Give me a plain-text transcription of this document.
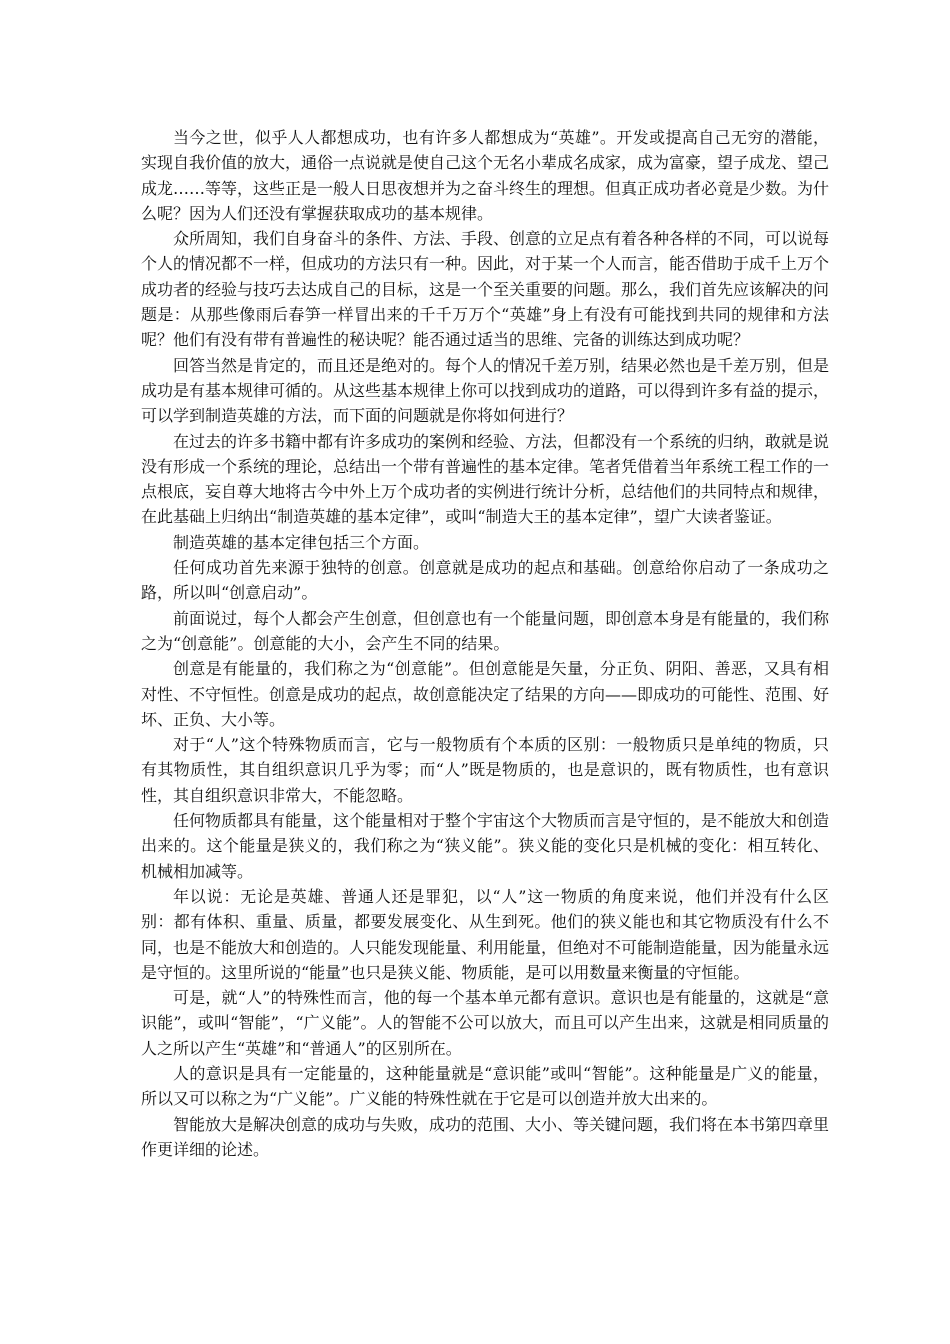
当今之世，似乎人人都想成功，也有许多人都想成为“英雄”。开发或提高自己无穷的潜能，实现自我价值的放大，通俗一点说就是使自己这个无名小辈成名成家，成为富豪，望子成龙、望己成龙……等等，这些正是一般人日思夜想并为之奋斗终生的理想。但真正成功者必竟是少数。为什么呢？因为人们还没有掌握获取成功的基本规律。

众所周知，我们自身奋斗的条件、方法、手段、创意的立足点有着各种各样的不同，可以说每个人的情况都不一样，但成功的方法只有一种。因此，对于某一个人而言，能否借助于成千上万个成功者的经验与技巧去达成自己的目标，这是一个至关重要的问题。那么，我们首先应该解决的问题是：从那些像雨后春笋一样冒出来的千千万万个“英雄”身上有没有可能找到共同的规律和方法呢？他们有没有带有普遍性的秘诀呢？能否通过适当的思维、完备的训练达到成功呢？

回答当然是肯定的，而且还是绝对的。每个人的情况千差万别，结果必然也是千差万别，但是成功是有基本规律可循的。从这些基本规律上你可以找到成功的道路，可以得到许多有益的提示，可以学到制造英雄的方法，而下面的问题就是你将如何进行？

在过去的许多书籍中都有许多成功的案例和经验、方法，但都没有一个系统的归纳，敢就是说没有形成一个系统的理论，总结出一个带有普遍性的基本定律。笔者凭借着当年系统工程工作的一点根底，妄自尊大地将古今中外上万个成功者的实例进行统计分析，总结他们的共同特点和规律，在此基础上归纳出“制造英雄的基本定律”，或叫“制造大王的基本定律”，望广大读者鉴证。

制造英雄的基本定律包括三个方面。

任何成功首先来源于独特的创意。创意就是成功的起点和基础。创意给你启动了一条成功之路，所以叫“创意启动”。

前面说过，每个人都会产生创意，但创意也有一个能量问题，即创意本身是有能量的，我们称之为“创意能”。创意能的大小，会产生不同的结果。

创意是有能量的，我们称之为“创意能”。但创意能是矢量，分正负、阴阳、善恶，又具有相对性、不守恒性。创意是成功的起点，故创意能决定了结果的方向——即成功的可能性、范围、好坏、正负、大小等。

对于“人”这个特殊物质而言，它与一般物质有个本质的区别：一般物质只是单纯的物质，只有其物质性，其自组织意识几乎为零；而“人”既是物质的，也是意识的，既有物质性，也有意识性，其自组织意识非常大，不能忽略。

任何物质都具有能量，这个能量相对于整个宇宙这个大物质而言是守恒的，是不能放大和创造出来的。这个能量是狭义的，我们称之为“狭义能”。狭义能的变化只是机械的变化：相互转化、机械相加减等。

年以说：无论是英雄、普通人还是罪犯，以“人”这一物质的角度来说，他们并没有什么区别：都有体积、重量、质量，都要发展变化、从生到死。他们的狭义能也和其它物质没有什么不同，也是不能放大和创造的。人只能发现能量、利用能量，但绝对不可能制造能量，因为能量永远是守恒的。这里所说的“能量”也只是狭义能、物质能，是可以用数量来衡量的守恒能。

可是，就“人”的特殊性而言，他的每一个基本单元都有意识。意识也是有能量的，这就是“意识能”，或叫“智能”，“广义能”。人的智能不公可以放大，而且可以产生出来，这就是相同质量的人之所以产生“英雄”和“普通人”的区别所在。

人的意识是具有一定能量的，这种能量就是“意识能”或叫“智能”。这种能量是广义的能量，所以又可以称之为“广义能”。广义能的特殊性就在于它是可以创造并放大出来的。

智能放大是解决创意的成功与失败，成功的范围、大小、等关键问题，我们将在本书第四章里作更详细的论述。
